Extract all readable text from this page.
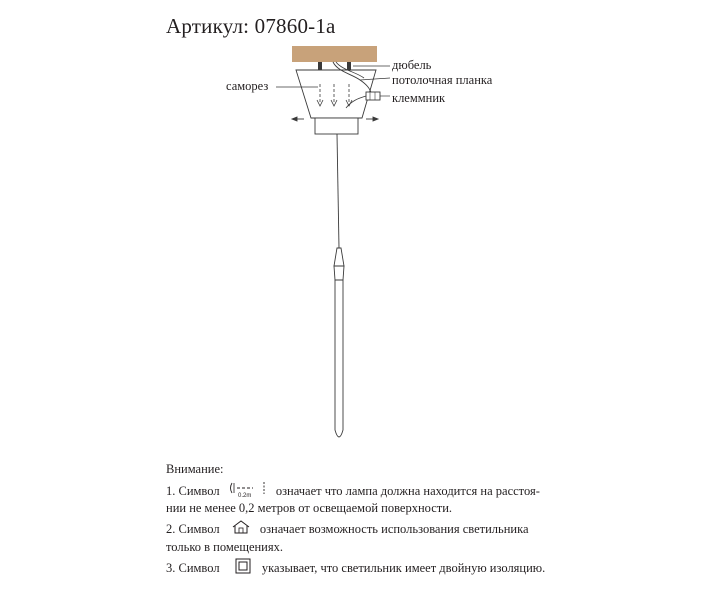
Артикул: 07860-1a
дюбель
потолочная планка
саморез
клеммник
Внимание:
1. Символ	0.2m означает что лампа должна находится на расстоя-
нии не менее 0,2 метров от освещаемой поверхности.
2. Символ	означает возможность использования светильника
только в помещениях.
3. Символ	указывает, что светильник имеет двойную изоляцию.
